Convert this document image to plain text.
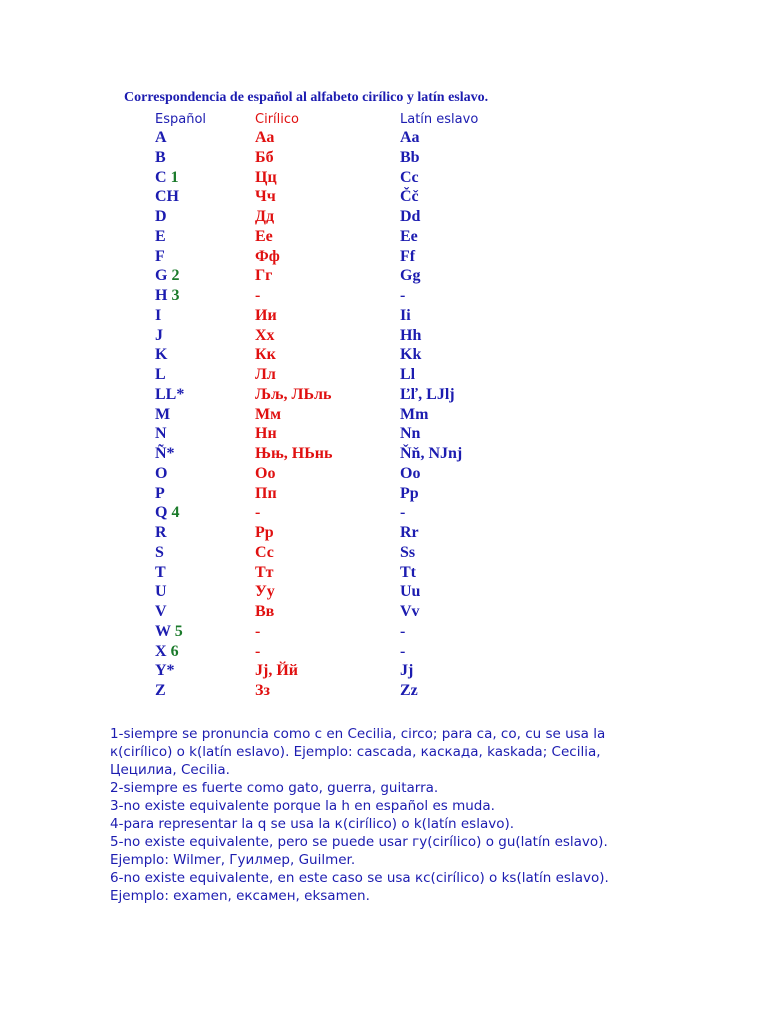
Correspondencia de español al alfabeto cirílico y latín eslavo.
Español	Cirílico	Latín eslavo
A	Аа	Aa
B	Бб	Bb
C 1	Цц	Cc
CH	Чч	Čč
D	Дд	Dd
E	Ее	Ee
F	Фф	Ff
G 2	Гг	Gg
H 3	-	-
I	Ии	Ii
J	Хх	Hh
K	Кк	Kk
L	Лл	Ll
LL*	Љљ, ЛЬль	Ľľ, LJlj
M	Мм	Mm
N	Нн	Nn
Ñ*	Њњ, НЬнь	Ňň, NJnj
O	Оо	Oo
P	Пп	Pp
Q 4	-	-
R	Рр	Rr
S	Сс	Ss
T	Тт	Tt
U	Уу	Uu
V	Вв	Vv
W 5	-	-
X 6	-	-
Y*	Jj, Йй	Jj
Z	Зз	Zz

1-siempre se pronuncia como c en Cecilia, circo; para ca, co, cu se usa la

к(cirílico) o k(latín eslavo). Ejemplo: cascada, каскада, kaskada; Cecilia,

Цецилиа, Cecilia.

2-siempre es fuerte como gato, guerra, guitarra.

3-no existe equivalente porque la h en español es muda.

4-para representar la q se usa la к(cirílico) o k(latín eslavo).

5-no existe equivalente, pero se puede usar гу(cirílico) o gu(latín eslavo).

Ejemplo: Wilmer, Гуилмер, Guilmer.

6-no existe equivalente, en este caso se usa кс(cirílico) o ks(latín eslavo).

Ejemplo: examen, ексамен, eksamen.
